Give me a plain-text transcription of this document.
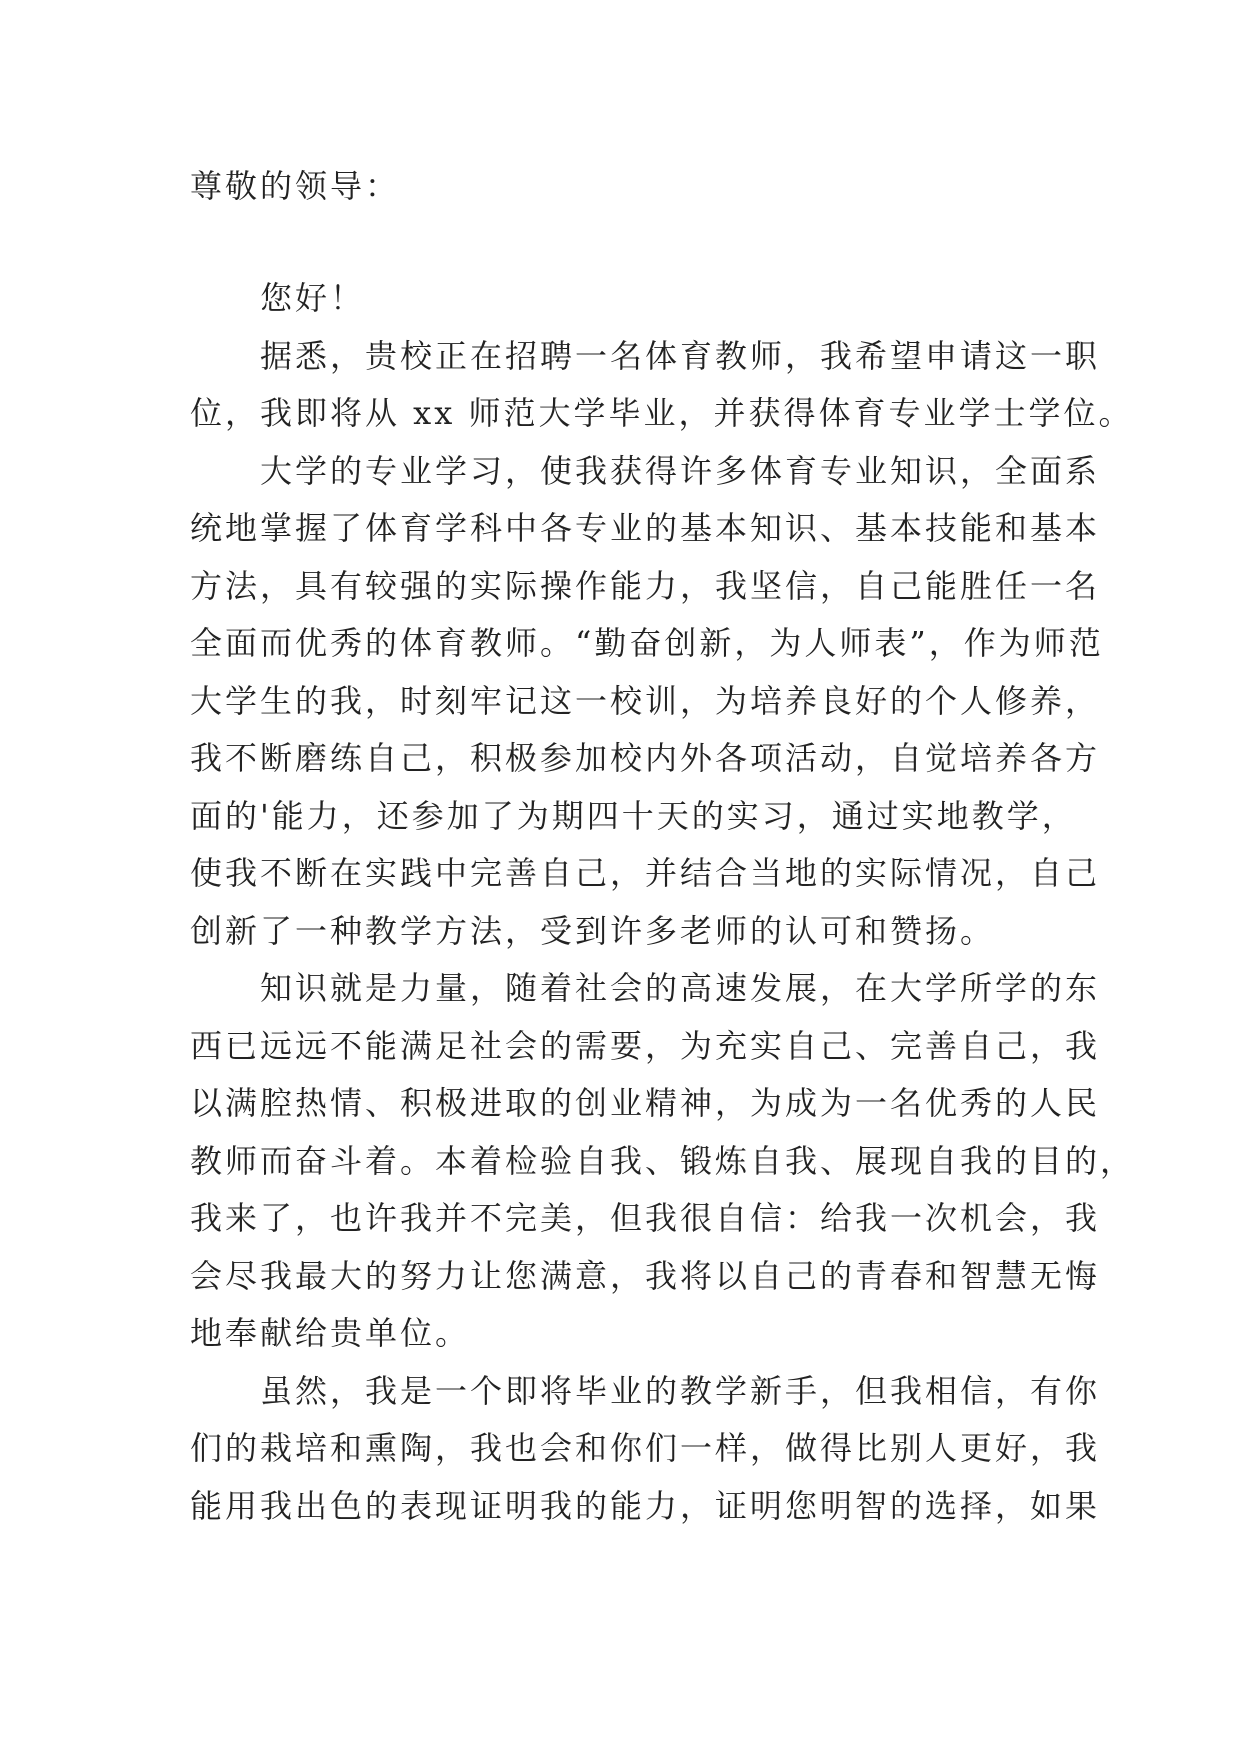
尊敬的领导：
您好！
据悉，贵校正在招聘一名体育教师，我希望申请这一职
位，我即将从 xx 师范大学毕业，并获得体育专业学士学位。
大学的专业学习，使我获得许多体育专业知识，全面系
统地掌握了体育学科中各专业的基本知识、基本技能和基本
方法，具有较强的实际操作能力，我坚信，自己能胜任一名
全面而优秀的体育教师。“勤奋创新，为人师表”，作为师范
大学生的我，时刻牢记这一校训，为培养良好的个人修养，
我不断磨练自己，积极参加校内外各项活动，自觉培养各方
面的'能力，还参加了为期四十天的实习，通过实地教学，
使我不断在实践中完善自己，并结合当地的实际情况，自己
创新了一种教学方法，受到许多老师的认可和赞扬。
知识就是力量，随着社会的高速发展，在大学所学的东
西已远远不能满足社会的需要，为充实自己、完善自己，我
以满腔热情、积极进取的创业精神，为成为一名优秀的人民
教师而奋斗着。本着检验自我、锻炼自我、展现自我的目的，
我来了，也许我并不完美，但我很自信：给我一次机会，我
会尽我最大的努力让您满意，我将以自己的青春和智慧无悔
地奉献给贵单位。
虽然，我是一个即将毕业的教学新手，但我相信，有你
们的栽培和熏陶，我也会和你们一样，做得比别人更好，我
能用我出色的表现证明我的能力，证明您明智的选择，如果
